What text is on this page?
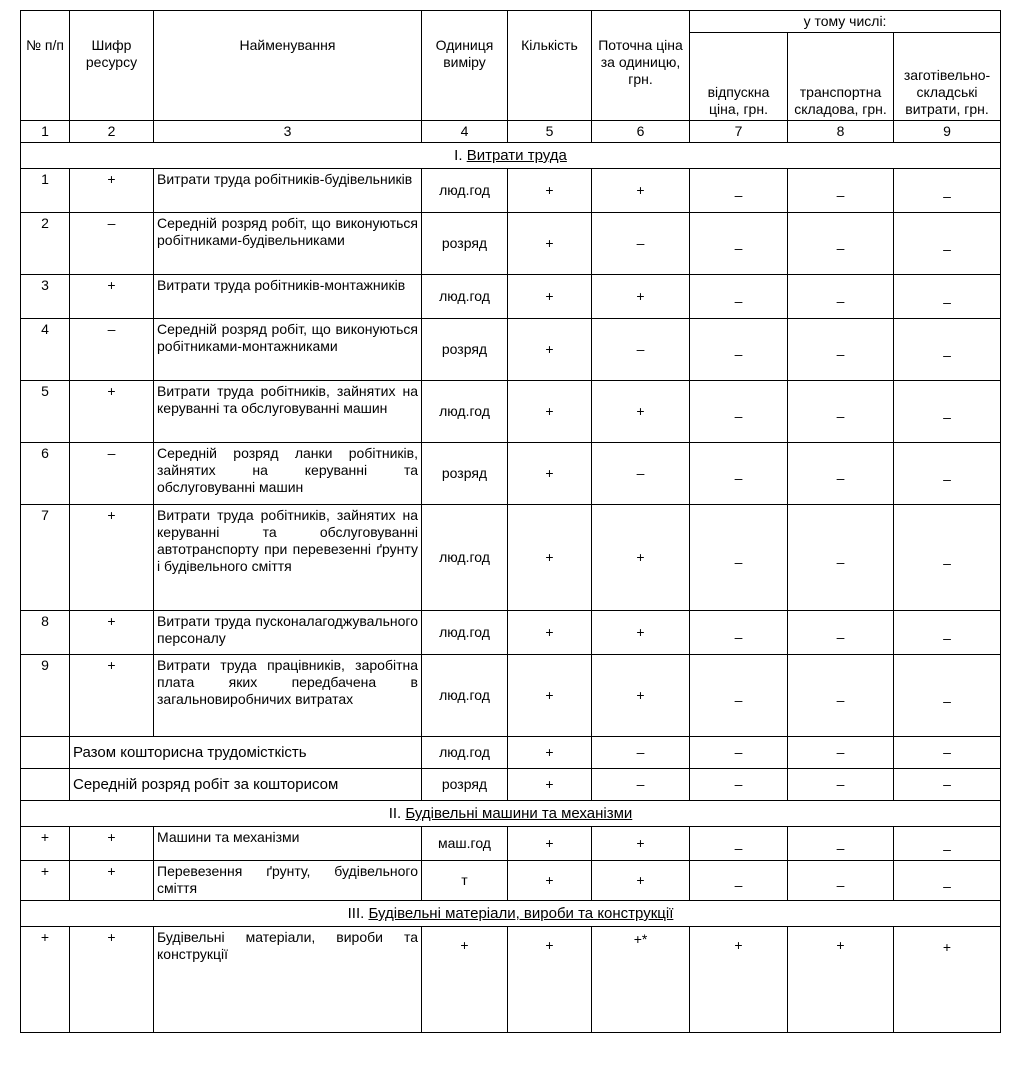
№ п/п	Шифр ресурсу	Найменування	Одиниця виміру	Кількість	Поточна ціна за одиницю, грн.	у тому числі:		
						відпускна ціна, грн.	транспортна складова, грн.	заготівельно-складські витрати, грн.
1	2	3	4	5	6	7	8	9
I. Витрати труда								
1	+	Витрати труда робітників-будівельників	люд.год	+	+	–	–	–
2	–	Середній розряд робіт, що виконуються робітниками-будівельниками	розряд	+	–	–	–	–
3	+	Витрати труда робітників-монтажників	люд.год	+	+	–	–	–
4	–	Середній розряд робіт, що виконуються робітниками-монтажниками	розряд	+	–	–	–	–
5	+	Витрати труда робітників, зайнятих на керуванні та обслуговуванні машин	люд.год	+	+	–	–	–
6	–	Середній розряд ланки робітників, зайнятих на керуванні та обслуговуванні машин	розряд	+	–	–	–	–
7	+	Витрати труда робітників, зайнятих на керуванні та обслуговуванні автотранспорту при перевезенні ґрунту і будівельного сміття	люд.год	+	+	–	–	–
8	+	Витрати труда пусконалагоджувального персоналу	люд.год	+	+	–	–	–
9	+	Витрати труда працівників, заробітна плата яких передбачена в загальновиробничих витратах	люд.год	+	+	–	–	–
	Разом кошторисна трудомісткість		люд.год	+	–	–	–	–
	Середній розряд робіт за кошторисом		розряд	+	–	–	–	–
II. Будівельні машини та механізми								
+	+	Машини та механізми	маш.год	+	+	–	–	–
+	+	Перевезення ґрунту, будівельного сміття	т	+	+	–	–	–
III. Будівельні матеріали, вироби та конструкції								
+	+	Будівельні матеріали, вироби та конструкції	+	+	+*	+	+	+
